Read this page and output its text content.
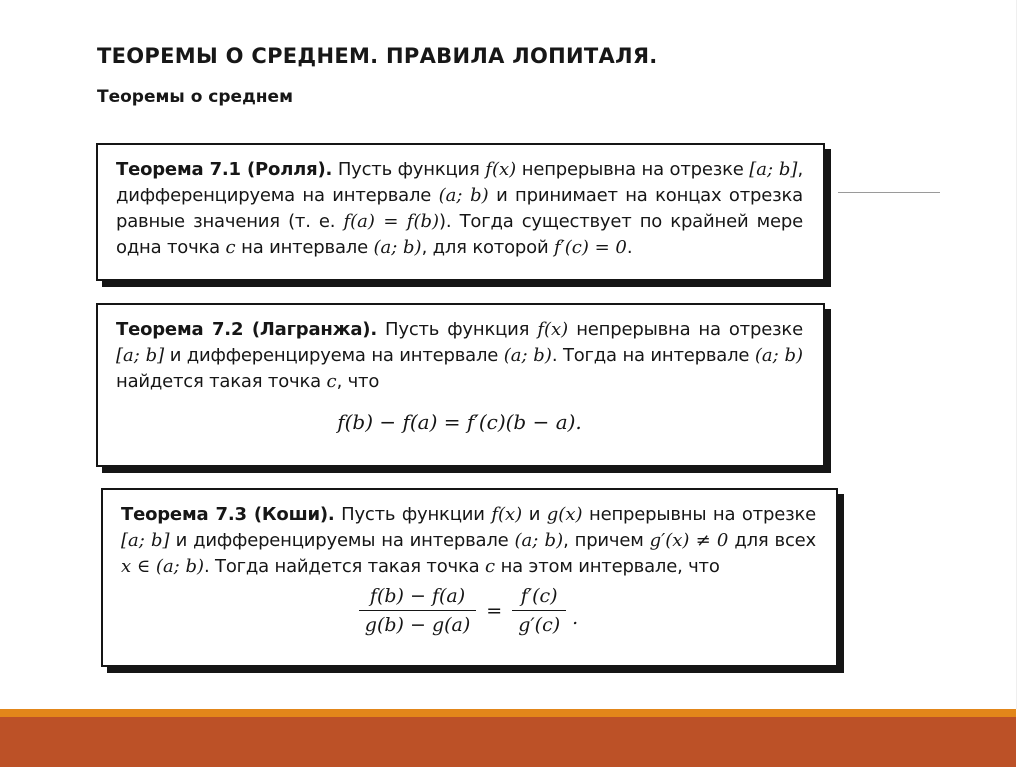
ТЕОРЕМЫ О СРЕДНЕМ. ПРАВИЛА ЛОПИТАЛЯ.
Теоремы о среднем

Теорема 7.1 (Ролля). Пусть функция f(x) непрерывна на отрезке [a; b], дифференцируема на интервале (a; b) и принимает на концах отрезка равные значения (т. е. f(a) = f(b)). Тогда существует по крайней мере одна точка c на интервале (a; b), для которой f′(c) = 0.

Теорема 7.2 (Лагранжа). Пусть функция f(x) непрерывна на отрезке [a; b] и дифференцируема на интервале (a; b). Тогда на интервале (a; b) найдется такая точка c, что

f(b) − f(a) = f′(c)(b − a).

Теорема 7.3 (Коши). Пусть функции f(x) и g(x) непрерывны на отрезке [a; b] и дифференцируемы на интервале (a; b), причем g′(x) ≠ 0 для всех x ∈ (a; b). Тогда найдется такая точка c на этом интервале, что

$\frac{f(b) - f(a)}{g(b) - g(a)} = \frac{f'(c)}{g'(c)}$ .
